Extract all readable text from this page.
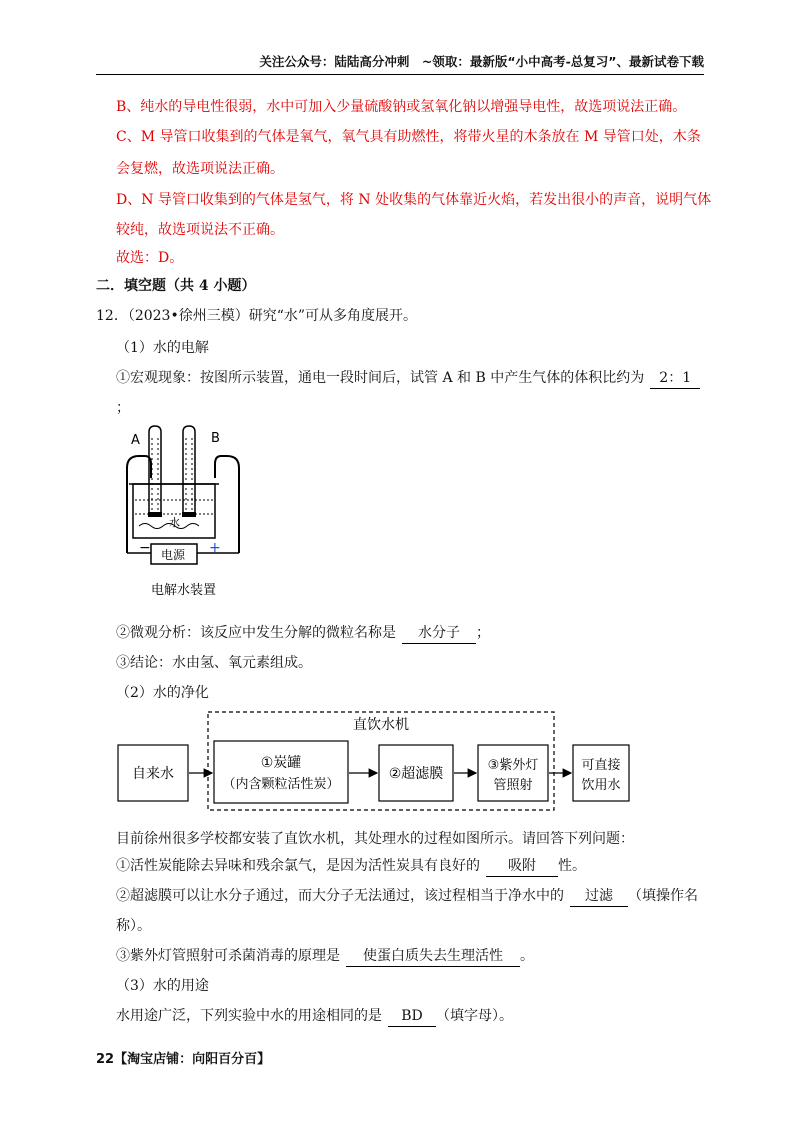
关注公众号：陆陆高分冲刺　~领取：最新版“小中高考-总复习”、最新试卷下载
B、纯水的导电性很弱，水中可加入少量硫酸钠或氢氧化钠以增强导电性，故选项说法正确。
C、M 导管口收集到的气体是氧气，氧气具有助燃性，将带火星的木条放在 M 导管口处，木条
会复燃，故选项说法正确。
D、N 导管口收集到的气体是氢气，将 N 处收集的气体靠近火焰，若发出很小的声音，说明气体
较纯，故选项说法不正确。
故选：D。
二．填空题（共 4 小题）
12．（2023•徐州三模）研究“水”可从多角度展开。
（1）水的电解
①宏观现象：按图所示装置，通电一段时间后，试管 A 和 B 中产生气体的体积比约为 2：1
；
A	B
水
电源
−	+
电解水装置
②微观分析：该反应中发生分解的微粒名称是 水分子 ；
③结论：水由氢、氧元素组成。
（2）水的净化
直饮水机
自来水
①炭罐
（内含颗粒活性炭）
②超滤膜
③紫外灯
管照射
可直接
饮用水
目前徐州很多学校都安装了直饮水机，其处理水的过程如图所示。请回答下列问题：
①活性炭能除去异味和残余氯气，是因为活性炭具有良好的 吸附 性。
②超滤膜可以让水分子通过，而大分子无法通过，该过程相当于净水中的 过滤 （填操作名
称）。
③紫外灯管照射可杀菌消毒的原理是 使蛋白质失去生理活性 。
（3）水的用途
水用途广泛，下列实验中水的用途相同的是 BD （填字母）。
22【淘宝店铺：向阳百分百】
